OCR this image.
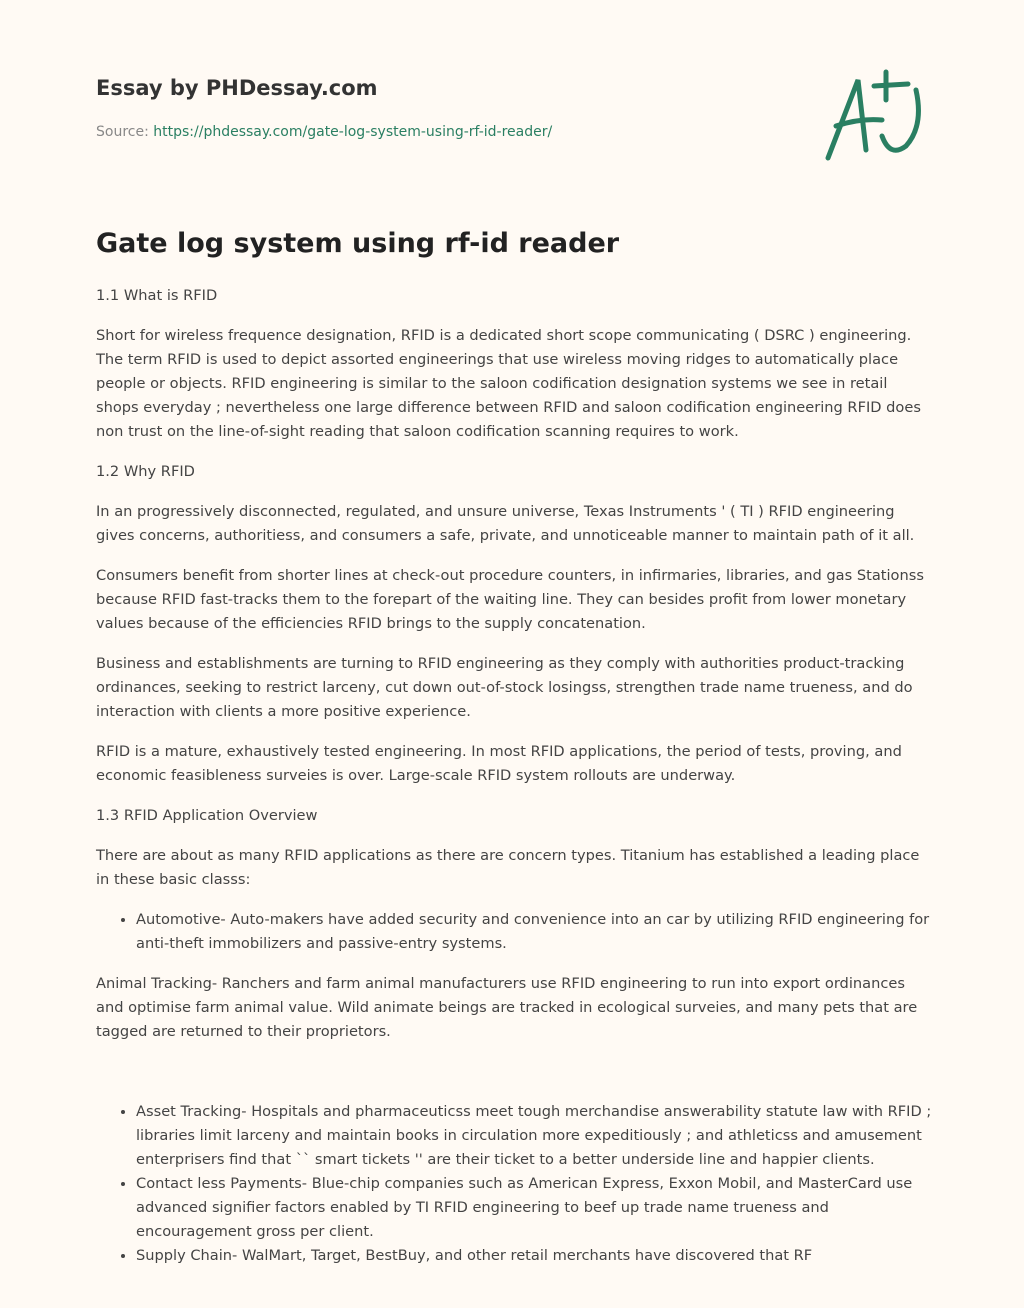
Essay by PHDessay.com
Source: https://phdessay.com/gate-log-system-using-rf-id-reader/
Gate log system using rf-id reader

1.1 What is RFID

Short for wireless frequence designation, RFID is a dedicated short scope communicating ( DSRC ) engineering. The term RFID is used to depict assorted engineerings that use wireless moving ridges to automatically place people or objects. RFID engineering is similar to the saloon codification designation systems we see in retail shops everyday ; nevertheless one large difference between RFID and saloon codification engineering RFID does non trust on the line-of-sight reading that saloon codification scanning requires to work.

1.2 Why RFID

In an progressively disconnected, regulated, and unsure universe, Texas Instruments ' ( TI ) RFID engineering gives concerns, authoritiess, and consumers a safe, private, and unnoticeable manner to maintain path of it all.

Consumers benefit from shorter lines at check-out procedure counters, in infirmaries, libraries, and gas Stationss because RFID fast-tracks them to the forepart of the waiting line. They can besides profit from lower monetary values because of the efficiencies RFID brings to the supply concatenation.

Business and establishments are turning to RFID engineering as they comply with authorities product-tracking ordinances, seeking to restrict larceny, cut down out-of-stock losingss, strengthen trade name trueness, and do interaction with clients a more positive experience.

RFID is a mature, exhaustively tested engineering. In most RFID applications, the period of tests, proving, and economic feasibleness surveies is over. Large-scale RFID system rollouts are underway.

1.3 RFID Application Overview

There are about as many RFID applications as there are concern types. Titanium has established a leading place in these basic classs:

• Automotive- Auto-makers have added security and convenience into an car by utilizing RFID engineering for anti-theft immobilizers and passive-entry systems.

Animal Tracking- Ranchers and farm animal manufacturers use RFID engineering to run into export ordinances and optimise farm animal value. Wild animate beings are tracked in ecological surveies, and many pets that are tagged are returned to their proprietors.

• Asset Tracking- Hospitals and pharmaceuticss meet tough merchandise answerability statute law with RFID ; libraries limit larceny and maintain books in circulation more expeditiously ; and athleticss and amusement enterprisers find that `` smart tickets '' are their ticket to a better underside line and happier clients.
• Contact less Payments- Blue-chip companies such as American Express, Exxon Mobil, and MasterCard use advanced signifier factors enabled by TI RFID engineering to beef up trade name trueness and encouragement gross per client.
• Supply Chain- WalMart, Target, BestBuy, and other retail merchants have discovered that RF
